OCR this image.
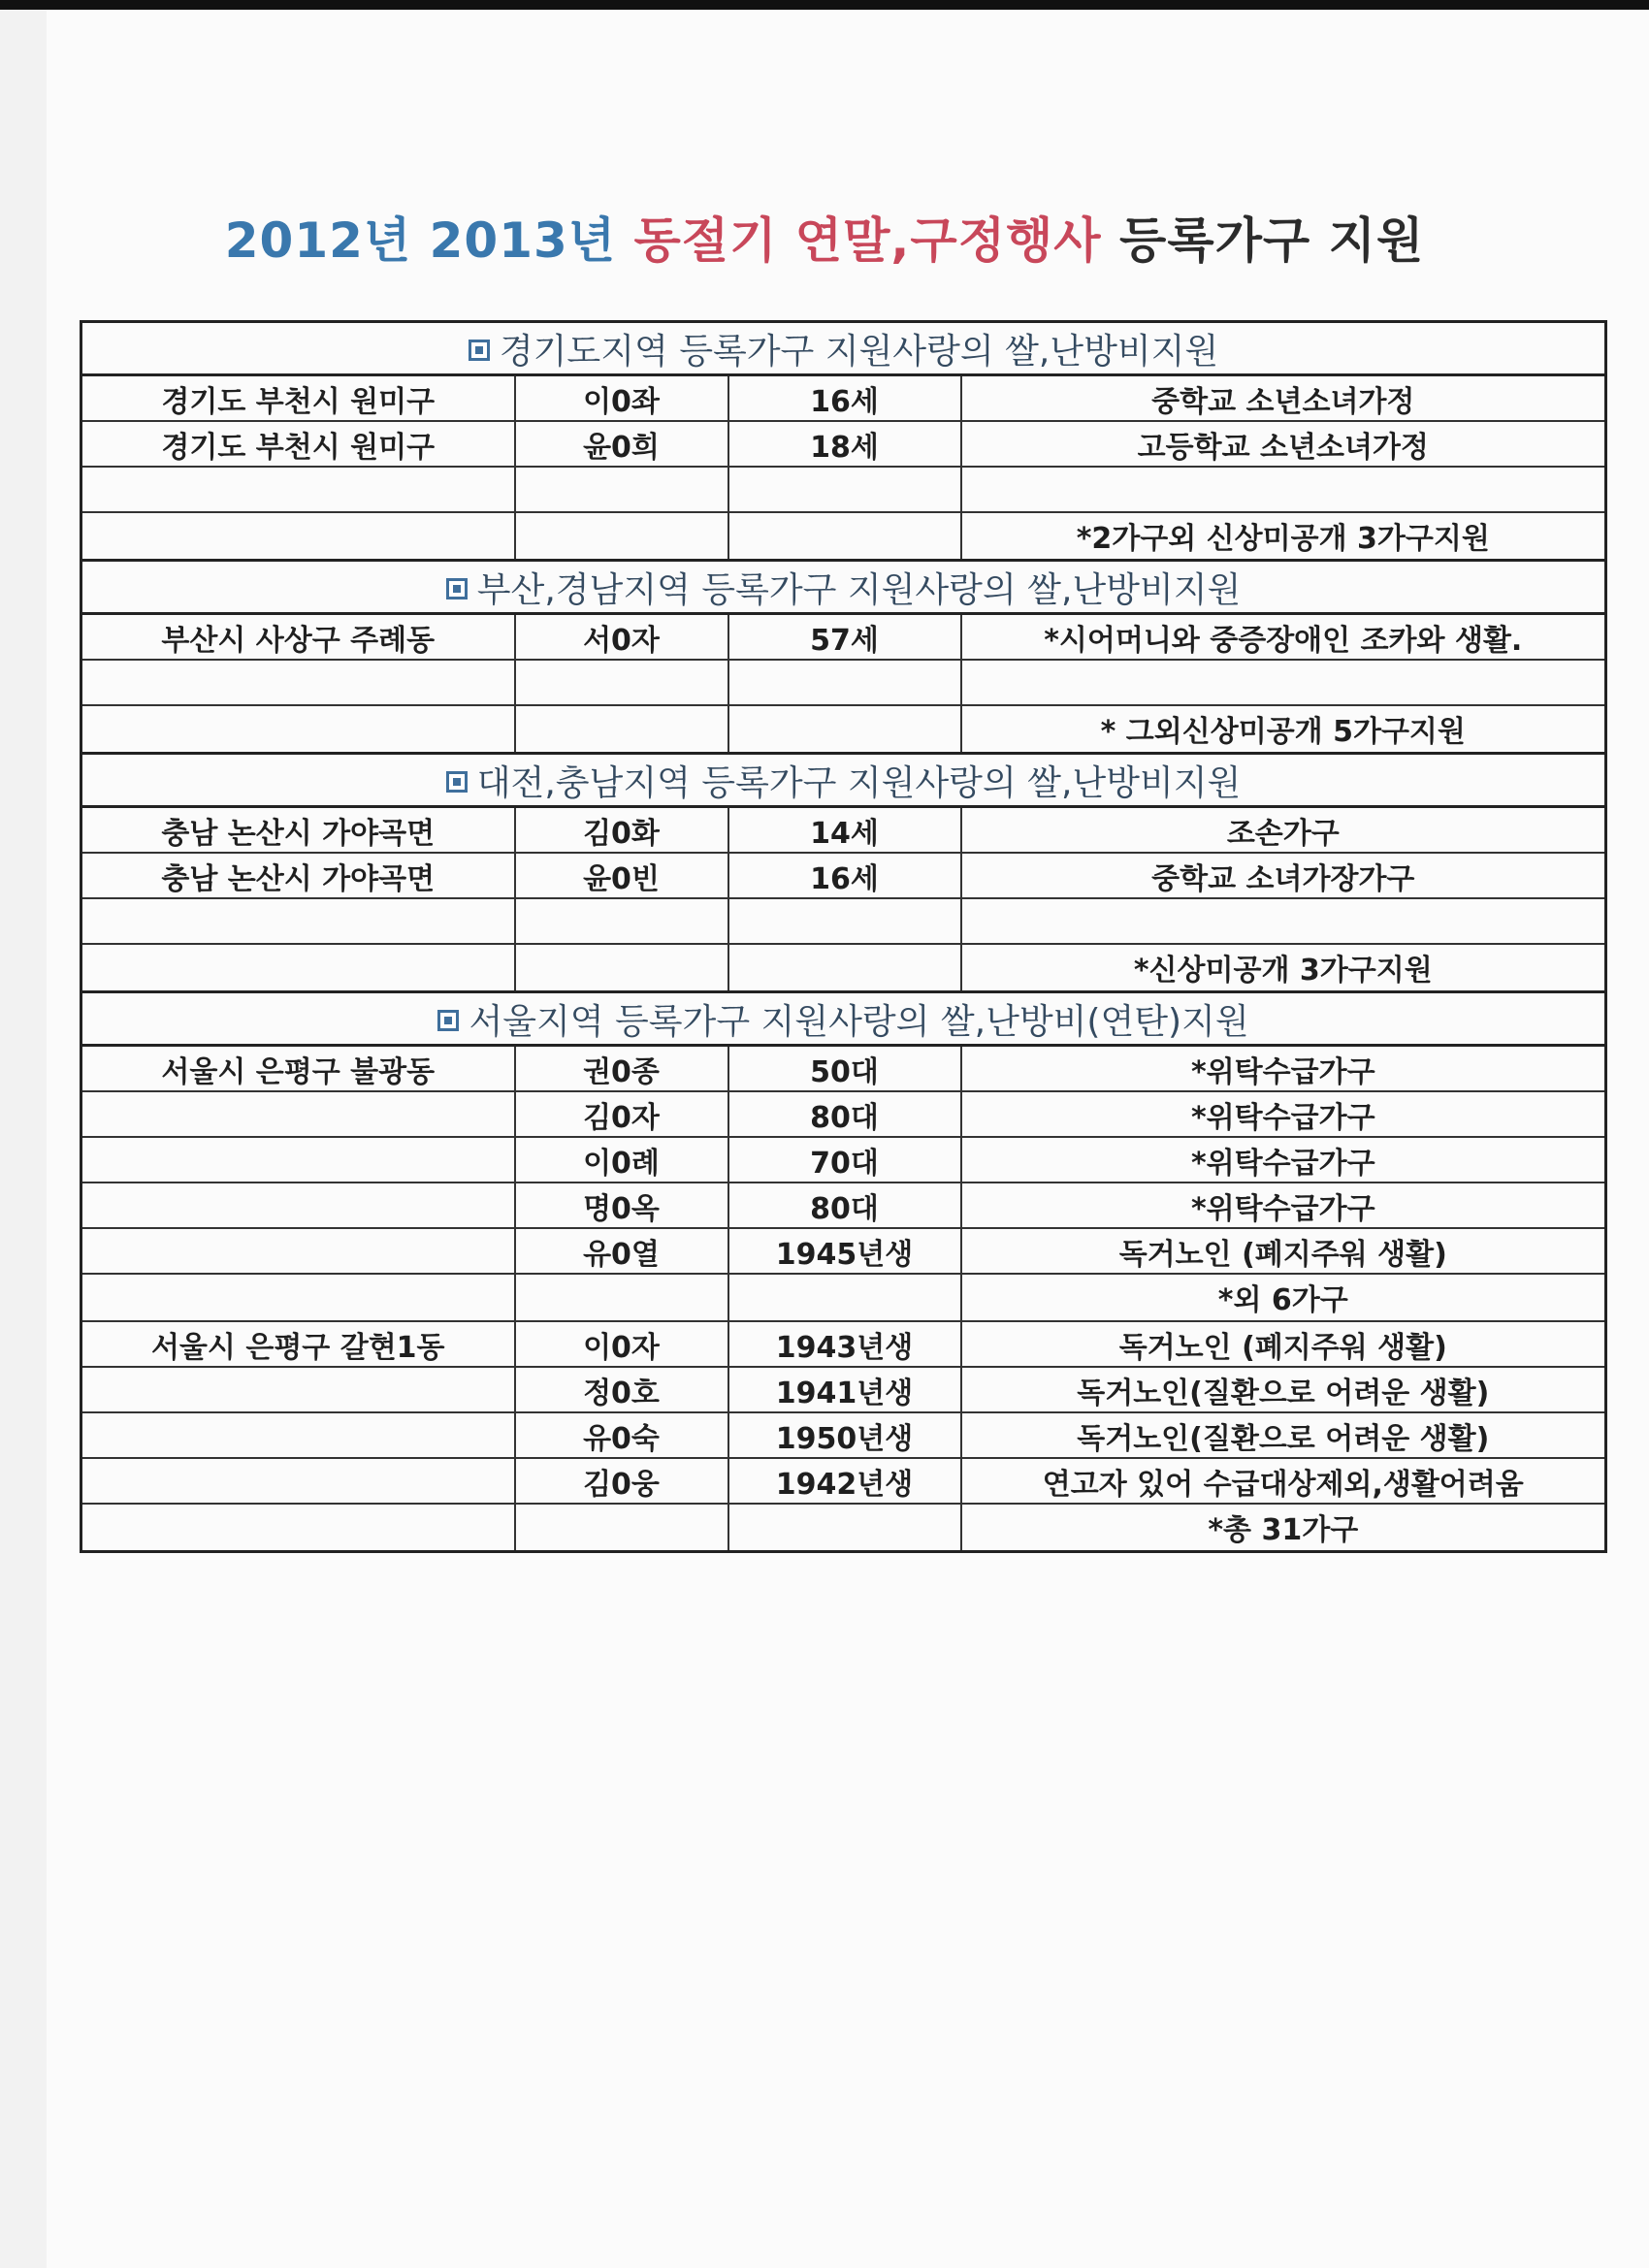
2012년 2013년 동절기 연말,구정행사 등록가구 지원
경기도지역 등록가구 지원사랑의 쌀,난방비지원			
경기도 부천시 원미구	이0좌	16세	중학교 소년소녀가정
경기도 부천시 원미구	윤0희	18세	고등학교 소년소녀가정

			*2가구외 신상미공개 3가구지원
부산,경남지역 등록가구 지원사랑의 쌀,난방비지원			
부산시 사상구 주례동	서0자	57세	*시어머니와 중증장애인 조카와 생활.

			* 그외신상미공개 5가구지원
대전,충남지역 등록가구 지원사랑의 쌀,난방비지원			
충남 논산시 가야곡면	김0화	14세	조손가구
충남 논산시 가야곡면	윤0빈	16세	중학교 소녀가장가구

			*신상미공개 3가구지원
서울지역 등록가구 지원사랑의 쌀,난방비(연탄)지원			
서울시 은평구 불광동	권0종	50대	*위탁수급가구
	김0자	80대	*위탁수급가구
	이0례	70대	*위탁수급가구
	명0옥	80대	*위탁수급가구
	유0열	1945년생	독거노인 (폐지주워 생활)
			*외 6가구
서울시 은평구 갈현1동	이0자	1943년생	독거노인 (폐지주워 생활)
	정0호	1941년생	독거노인(질환으로 어려운 생활)
	유0숙	1950년생	독거노인(질환으로 어려운 생활)
	김0웅	1942년생	연고자 있어 수급대상제외,생활어려움
			*총 31가구
